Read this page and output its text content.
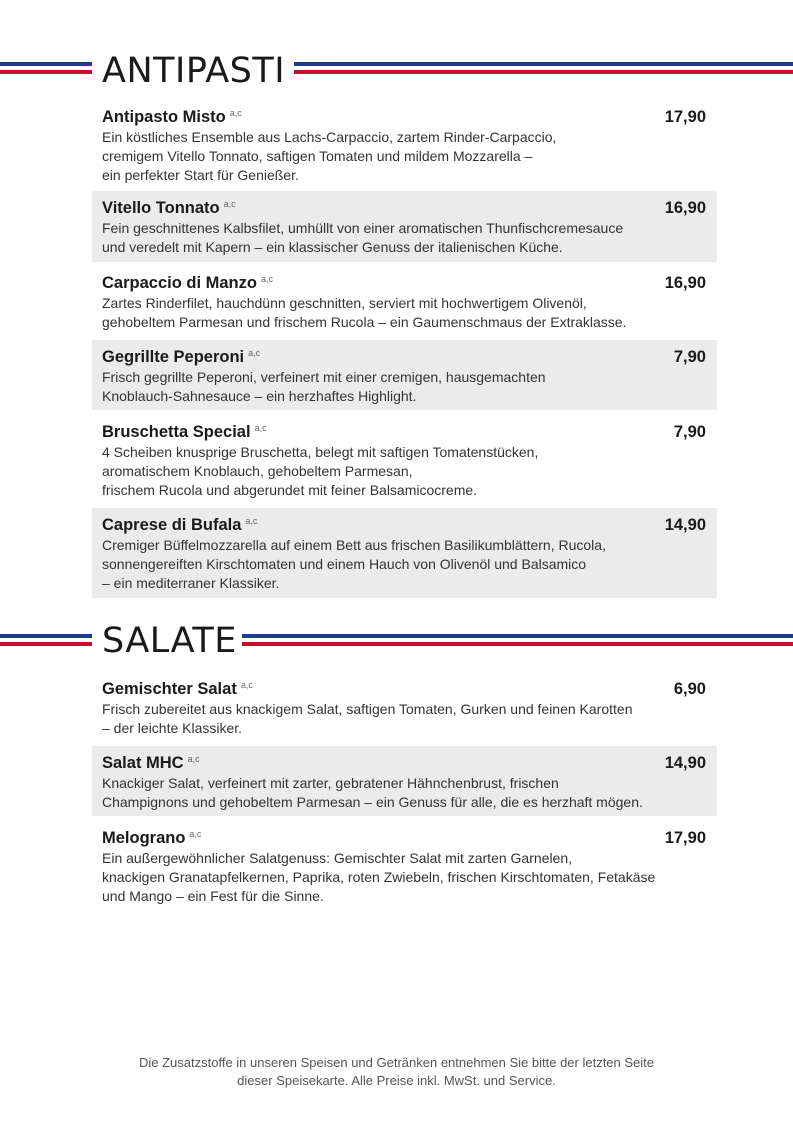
ANTIPASTI
Antipasto Misto $^{a,c}$	17,90
Ein köstliches Ensemble aus Lachs-Carpaccio, zartem Rinder-Carpaccio,
cremigem Vitello Tonnato, saftigen Tomaten und mildem Mozzarella –
ein perfekter Start für Genießer.
Vitello Tonnato $^{a,c}$	16,90
Fein geschnittenes Kalbsfilet, umhüllt von einer aromatischen Thunfischcremesauce
und veredelt mit Kapern – ein klassischer Genuss der italienischen Küche.
Carpaccio di Manzo $^{a,c}$	16,90
Zartes Rinderfilet, hauchdünn geschnitten, serviert mit hochwertigem Olivenöl,
gehobeltem Parmesan und frischem Rucola – ein Gaumenschmaus der Extraklasse.
Gegrillte Peperoni $^{a,c}$	7,90
Frisch gegrillte Peperoni, verfeinert mit einer cremigen, hausgemachten
Knoblauch-Sahnesauce – ein herzhaftes Highlight.
Bruschetta Special $^{a,c}$	7,90
4 Scheiben knusprige Bruschetta, belegt mit saftigen Tomatenstücken,
aromatischem Knoblauch, gehobeltem Parmesan,
frischem Rucola und abgerundet mit feiner Balsamicocreme.
Caprese di Bufala $^{a,c}$	14,90
Cremiger Büffelmozzarella auf einem Bett aus frischen Basilikumblättern, Rucola,
sonnengereiften Kirschtomaten und einem Hauch von Olivenöl und Balsamico
– ein mediterraner Klassiker.
SALATE
Gemischter Salat $^{a,c}$	6,90
Frisch zubereitet aus knackigem Salat, saftigen Tomaten, Gurken und feinen Karotten
– der leichte Klassiker.
Salat MHC $^{a,c}$	14,90
Knackiger Salat, verfeinert mit zarter, gebratener Hähnchenbrust, frischen
Champignons und gehobeltem Parmesan – ein Genuss für alle, die es herzhaft mögen.
Melograno $^{a,c}$	17,90
Ein außergewöhnlicher Salatgenuss: Gemischter Salat mit zarten Garnelen,
knackigen Granatapfelkernen, Paprika, roten Zwiebeln, frischen Kirschtomaten, Fetakäse
und Mango – ein Fest für die Sinne.
Die Zusatzstoffe in unseren Speisen und Getränken entnehmen Sie bitte der letzten Seite
dieser Speisekarte. Alle Preise inkl. MwSt. und Service.
